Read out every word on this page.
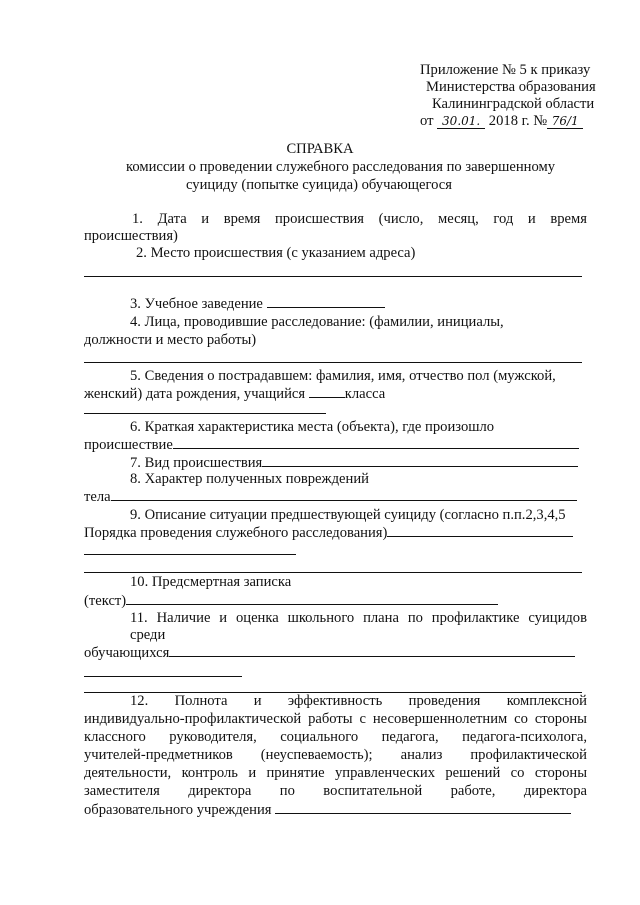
Приложение № 5 к приказу
Министерства образования
Калининградской области
от 30.01. 2018 г. № 76/1
СПРАВКА
комиссии о проведении служебного расследования по завершенному
суициду (попытке суицида) обучающегося
1. Дата и время происшествия (число, месяц, год и время
происшествия)
2. Место происшествия (с указанием адреса)
3. Учебное заведение
4. Лица, проводившие расследование: (фамилии, инициалы,
должности и место работы)
5. Сведения о пострадавшем: фамилия, имя, отчество пол (мужской,
женский) дата рождения, учащийся	класса
6. Краткая характеристика места (объекта), где произошло
происшествие
7. Вид происшествия
8. Характер полученных повреждений
тела
9. Описание ситуации предшествующей суициду (согласно п.п.2,3,4,5
Порядка проведения служебного расследования)
10. Предсмертная записка
(текст)
11. Наличие и оценка школьного плана по профилактике суицидов
среди
обучающихся
12. Полнота и эффективность проведения комплексной
индивидуально-профилактической работы с несовершеннолетним со стороны
классного руководителя, социального педагога, педагога-психолога,
учителей-предметников (неуспеваемость); анализ профилактической
деятельности, контроль и принятие управленческих решений со стороны
заместителя директора по воспитательной работе, директора
образовательного учреждения
